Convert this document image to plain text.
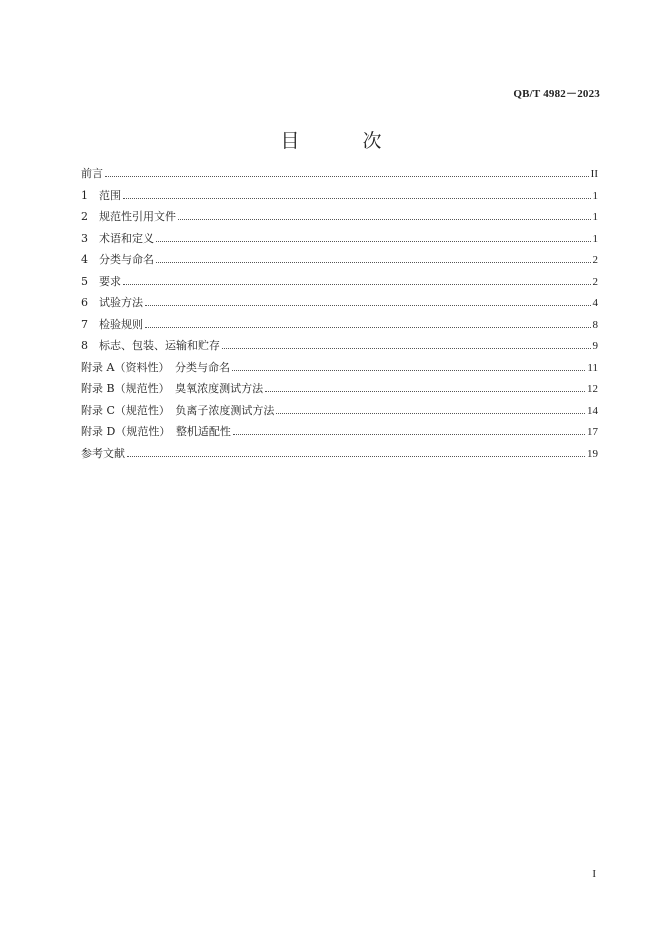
QB/T 4982－2023
目　次
前言	II
1	范围	1
2	规范性引用文件	1
3	术语和定义	1
4	分类与命名	2
5	要求	2
6	试验方法	4
7	检验规则	8
8	标志、包装、运输和贮存	9
附录 A（资料性）　分类与命名	11
附录 B（规范性）　臭氧浓度测试方法	12
附录 C（规范性）　负离子浓度测试方法	14
附录 D（规范性）　整机适配性	17
参考文献	19
I
